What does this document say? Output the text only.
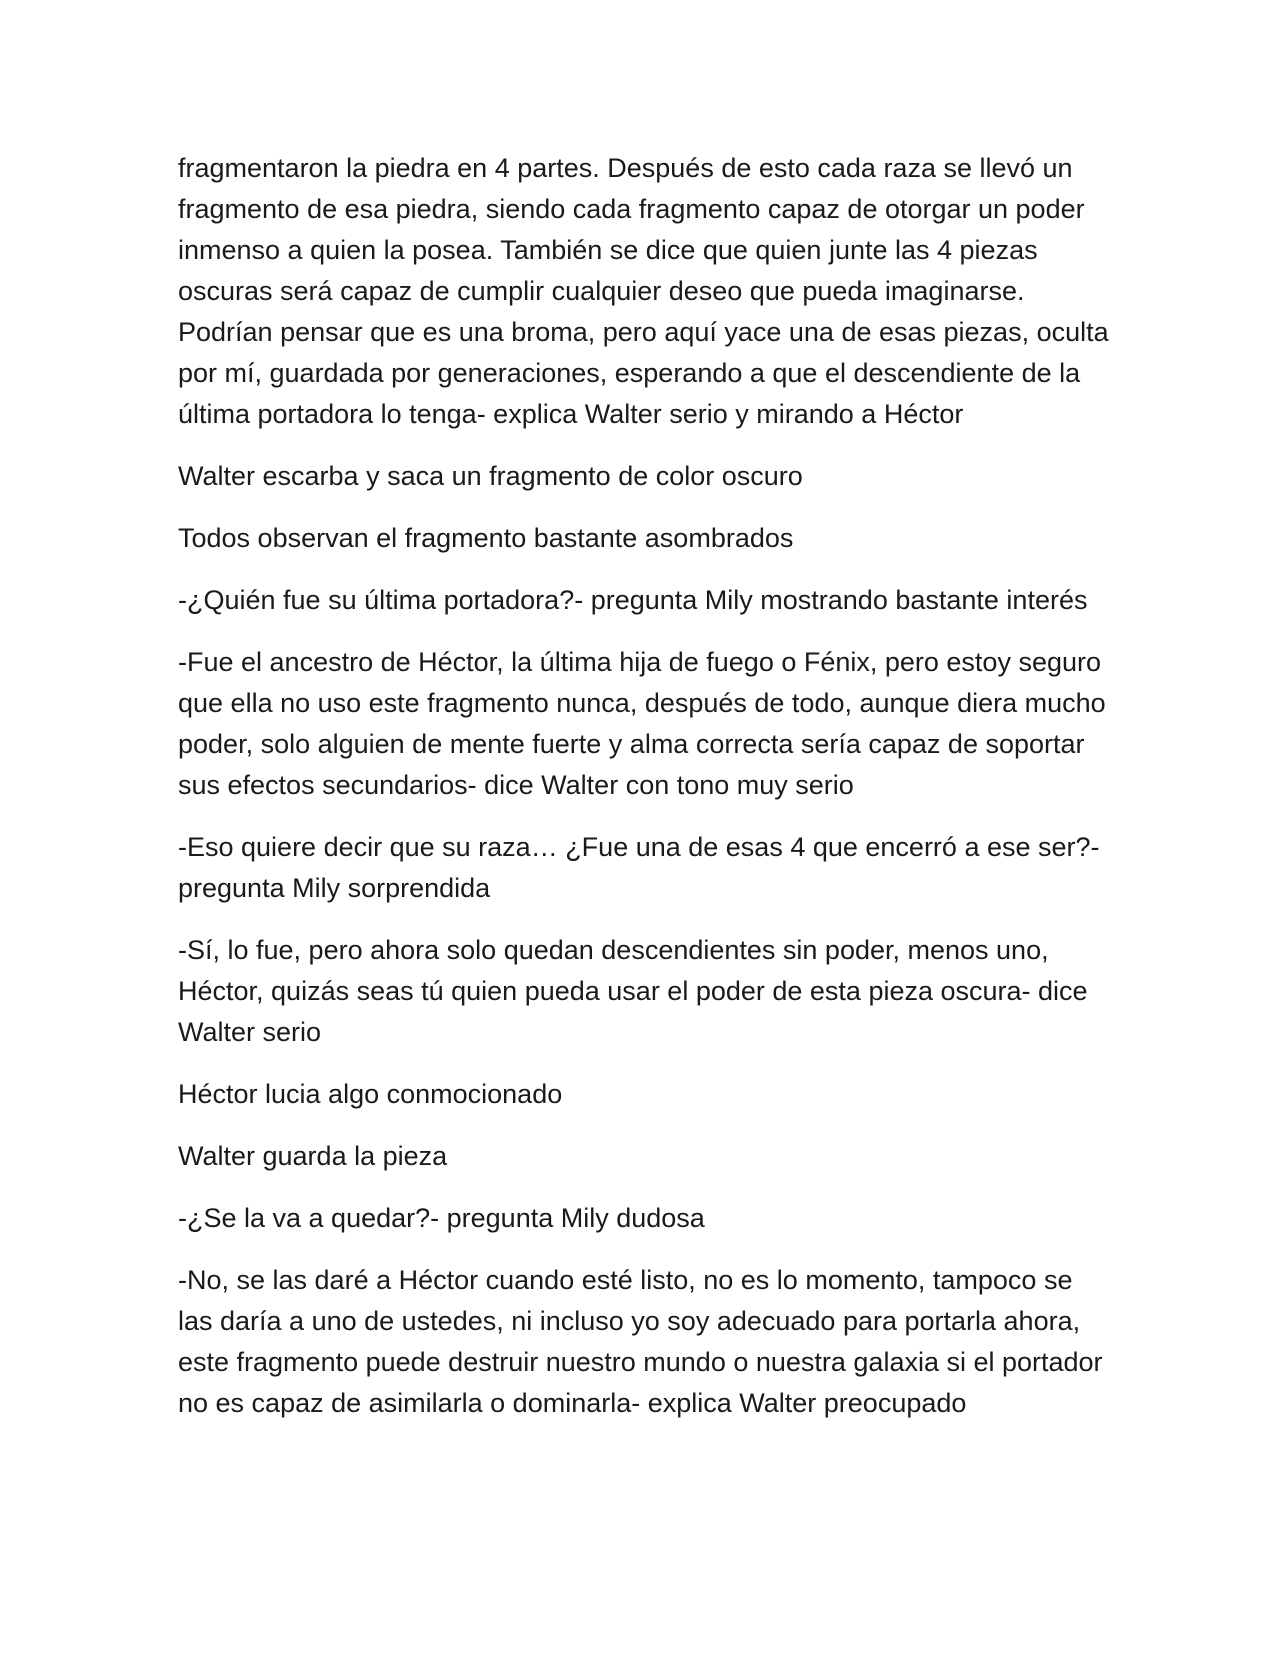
fragmentaron la piedra en 4 partes. Después de esto cada raza se llevó un fragmento de esa piedra, siendo cada fragmento capaz de otorgar un poder inmenso a quien la posea. También se dice que quien junte las 4 piezas oscuras será capaz de cumplir cualquier deseo que pueda imaginarse. Podrían pensar que es una broma, pero aquí yace una de esas piezas, oculta por mí, guardada por generaciones, esperando a que el descendiente de la última portadora lo tenga- explica Walter serio y mirando a Héctor

Walter escarba y saca un fragmento de color oscuro

Todos observan el fragmento bastante asombrados

-¿Quién fue su última portadora?- pregunta Mily mostrando bastante interés

-Fue el ancestro de Héctor, la última hija de fuego o Fénix, pero estoy seguro que ella no uso este fragmento nunca, después de todo, aunque diera mucho poder, solo alguien de mente fuerte y alma correcta sería capaz de soportar sus efectos secundarios- dice Walter con tono muy serio

-Eso quiere decir que su raza… ¿Fue una de esas 4 que encerró a ese ser?- pregunta Mily sorprendida

-Sí, lo fue, pero ahora solo quedan descendientes sin poder, menos uno, Héctor, quizás seas tú quien pueda usar el poder de esta pieza oscura- dice Walter serio

Héctor lucia algo conmocionado

Walter guarda la pieza

-¿Se la va a quedar?- pregunta Mily dudosa

-No, se las daré a Héctor cuando esté listo, no es lo momento, tampoco se las daría a uno de ustedes, ni incluso yo soy adecuado para portarla ahora, este fragmento puede destruir nuestro mundo o nuestra galaxia si el portador no es capaz de asimilarla o dominarla- explica Walter preocupado
